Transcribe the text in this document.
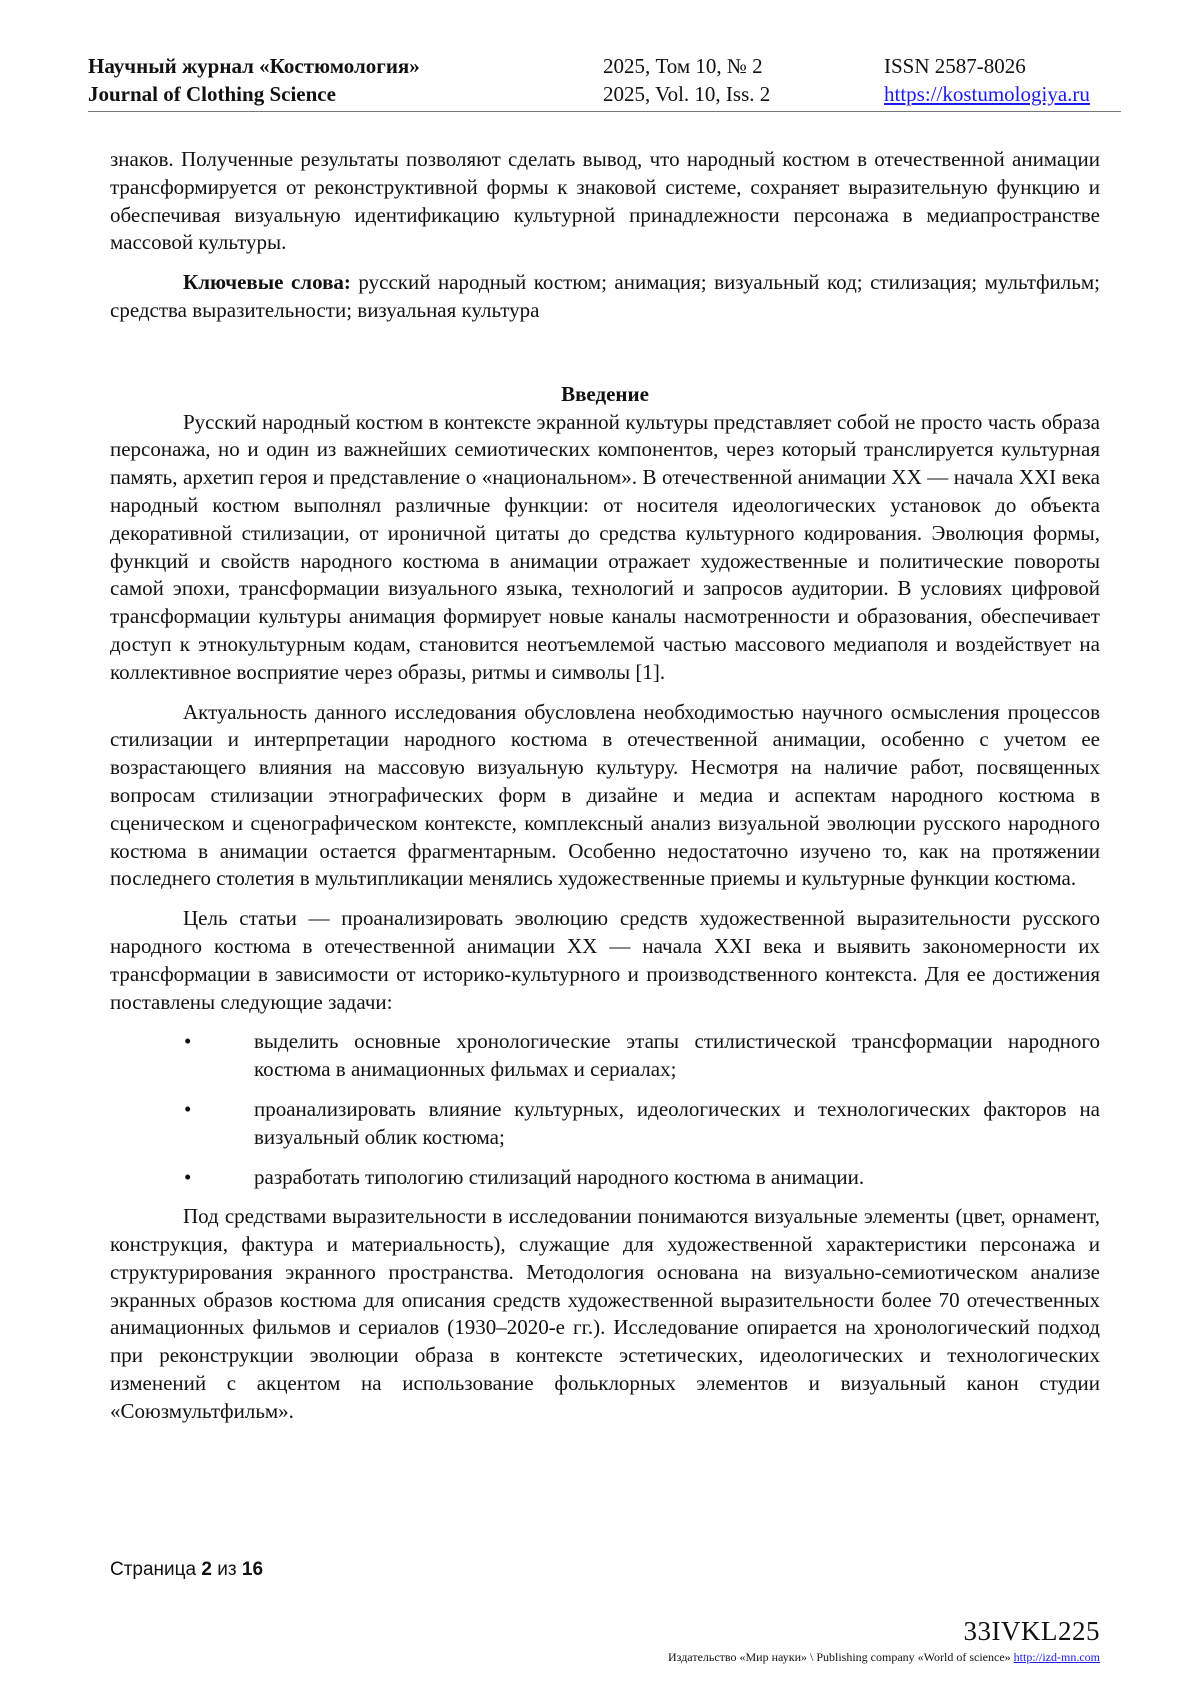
Научный журнал «Костюмология»
Journal of Clothing Science
2025, Том 10, № 2
2025, Vol. 10, Iss. 2
ISSN 2587-8026
https://kostumologiya.ru

знаков. Полученные результаты позволяют сделать вывод, что народный костюм в отечественной анимации трансформируется от реконструктивной формы к знаковой системе, сохраняет выразительную функцию и обеспечивая визуальную идентификацию культурной принадлежности персонажа в медиапространстве массовой культуры.

Ключевые слова: русский народный костюм; анимация; визуальный код; стилизация; мультфильм; средства выразительности; визуальная культура

Введение

Русский народный костюм в контексте экранной культуры представляет собой не просто часть образа персонажа, но и один из важнейших семиотических компонентов, через который транслируется культурная память, архетип героя и представление о «национальном». В отечественной анимации XX — начала XXI века народный костюм выполнял различные функции: от носителя идеологических установок до объекта декоративной стилизации, от ироничной цитаты до средства культурного кодирования. Эволюция формы, функций и свойств народного костюма в анимации отражает художественные и политические повороты самой эпохи, трансформации визуального языка, технологий и запросов аудитории. В условиях цифровой трансформации культуры анимация формирует новые каналы насмотренности и образования, обеспечивает доступ к этнокультурным кодам, становится неотъемлемой частью массового медиаполя и воздействует на коллективное восприятие через образы, ритмы и символы [1].

Актуальность данного исследования обусловлена необходимостью научного осмысления процессов стилизации и интерпретации народного костюма в отечественной анимации, особенно с учетом ее возрастающего влияния на массовую визуальную культуру. Несмотря на наличие работ, посвященных вопросам стилизации этнографических форм в дизайне и медиа и аспектам народного костюма в сценическом и сценографическом контексте, комплексный анализ визуальной эволюции русского народного костюма в анимации остается фрагментарным. Особенно недостаточно изучено то, как на протяжении последнего столетия в мультипликации менялись художественные приемы и культурные функции костюма.

Цель статьи — проанализировать эволюцию средств художественной выразительности русского народного костюма в отечественной анимации XX — начала XXI века и выявить закономерности их трансформации в зависимости от историко-культурного и производственного контекста. Для ее достижения поставлены следующие задачи:

•	выделить основные хронологические этапы стилистической трансформации народного костюма в анимационных фильмах и сериалах;
•	проанализировать влияние культурных, идеологических и технологических факторов на визуальный облик костюма;
•	разработать типологию стилизаций народного костюма в анимации.

Под средствами выразительности в исследовании понимаются визуальные элементы (цвет, орнамент, конструкция, фактура и материальность), служащие для художественной характеристики персонажа и структурирования экранного пространства. Методология основана на визуально-семиотическом анализе экранных образов костюма для описания средств художественной выразительности более 70 отечественных анимационных фильмов и сериалов (1930–2020-е гг.). Исследование опирается на хронологический подход при реконструкции эволюции образа в контексте эстетических, идеологических и технологических изменений с акцентом на использование фольклорных элементов и визуальный канон студии «Союзмультфильм».

Страница 2 из 16
33IVKL225
Издательство «Мир науки» \ Publishing company «World of science» http://izd-mn.com
